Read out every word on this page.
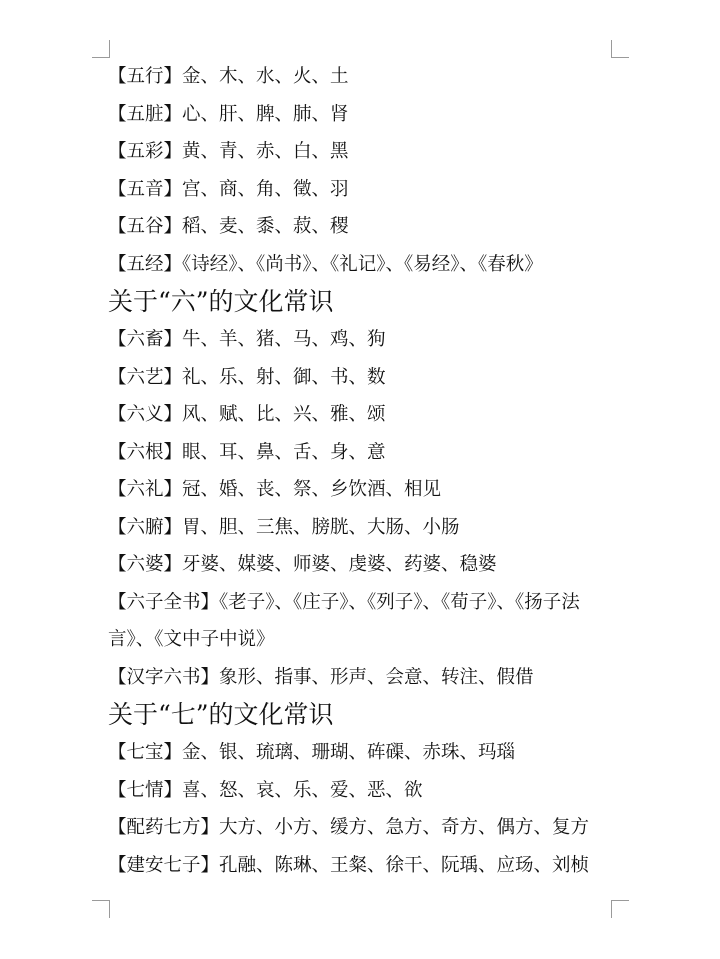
【五行】金、木、水、火、土
【五脏】心、肝、脾、肺、肾
【五彩】黄、青、赤、白、黑
【五音】宫、商、角、徵、羽
【五谷】稻、麦、黍、菽、稷
【五经】《诗经》、《尚书》、《礼记》、《易经》、《春秋》
关于“六”的文化常识
【六畜】牛、羊、猪、马、鸡、狗
【六艺】礼、乐、射、御、书、数
【六义】风、赋、比、兴、雅、颂
【六根】眼、耳、鼻、舌、身、意
【六礼】冠、婚、丧、祭、乡饮酒、相见
【六腑】胃、胆、三焦、膀胱、大肠、小肠
【六婆】牙婆、媒婆、师婆、虔婆、药婆、稳婆
【六子全书】《老子》、《庄子》、《列子》、《荀子》、《扬子法
言》、《文中子中说》
【汉字六书】象形、指事、形声、会意、转注、假借
关于“七”的文化常识
【七宝】金、银、琉璃、珊瑚、砗磲、赤珠、玛瑙
【七情】喜、怒、哀、乐、爱、恶、欲
【配药七方】大方、小方、缓方、急方、奇方、偶方、复方
【建安七子】孔融、陈琳、王粲、徐干、阮瑀、应玚、刘桢
